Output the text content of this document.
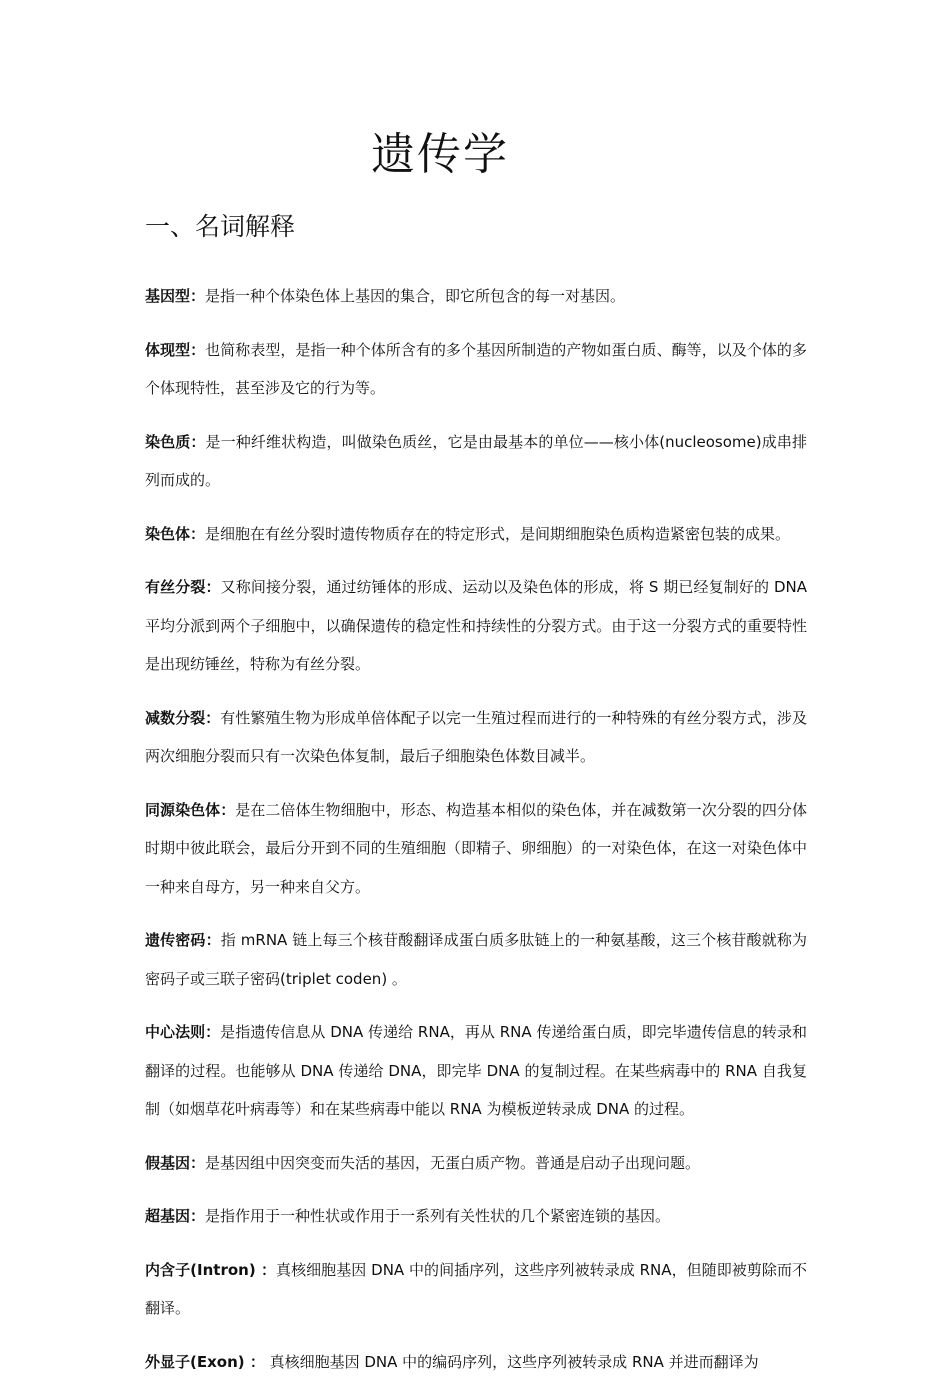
遗传学
一、名词解释

基因型：是指一种个体染色体上基因的集合，即它所包含的每一对基因。

体现型：也简称表型，是指一种个体所含有的多个基因所制造的产物如蛋白质、酶等，以及个体的多个体现特性，甚至涉及它的行为等。

染色质：是一种纤维状构造，叫做染色质丝，它是由最基本的单位——核小体(nucleosome)成串排列而成的。

染色体：是细胞在有丝分裂时遗传物质存在的特定形式，是间期细胞染色质构造紧密包装的成果。

有丝分裂：又称间接分裂，通过纺锤体的形成、运动以及染色体的形成，将 S 期已经复制好的 DNA 平均分派到两个子细胞中，以确保遗传的稳定性和持续性的分裂方式。由于这一分裂方式的重要特性是出现纺锤丝，特称为有丝分裂。

减数分裂：有性繁殖生物为形成单倍体配子以完一生殖过程而进行的一种特殊的有丝分裂方式，涉及两次细胞分裂而只有一次染色体复制，最后子细胞染色体数目减半。

同源染色体：是在二倍体生物细胞中，形态、构造基本相似的染色体，并在减数第一次分裂的四分体时期中彼此联会，最后分开到不同的生殖细胞（即精子、卵细胞）的一对染色体，在这一对染色体中一种来自母方，另一种来自父方。

遗传密码：指 mRNA 链上每三个核苷酸翻译成蛋白质多肽链上的一种氨基酸，这三个核苷酸就称为密码子或三联子密码(triplet coden) 。

中心法则：是指遗传信息从 DNA 传递给 RNA，再从 RNA 传递给蛋白质，即完毕遗传信息的转录和翻译的过程。也能够从 DNA 传递给 DNA，即完毕 DNA 的复制过程。在某些病毒中的 RNA 自我复制（如烟草花叶病毒等）和在某些病毒中能以 RNA 为模板逆转录成 DNA 的过程。

假基因：是基因组中因突变而失活的基因，无蛋白质产物。普通是启动子出现问题。

超基因：是指作用于一种性状或作用于一系列有关性状的几个紧密连锁的基因。

内含子(Intron) ：真核细胞基因 DNA 中的间插序列，这些序列被转录成 RNA，但随即被剪除而不翻译。

外显子(Exon) ： 真核细胞基因 DNA 中的编码序列，这些序列被转录成 RNA 并进而翻译为
